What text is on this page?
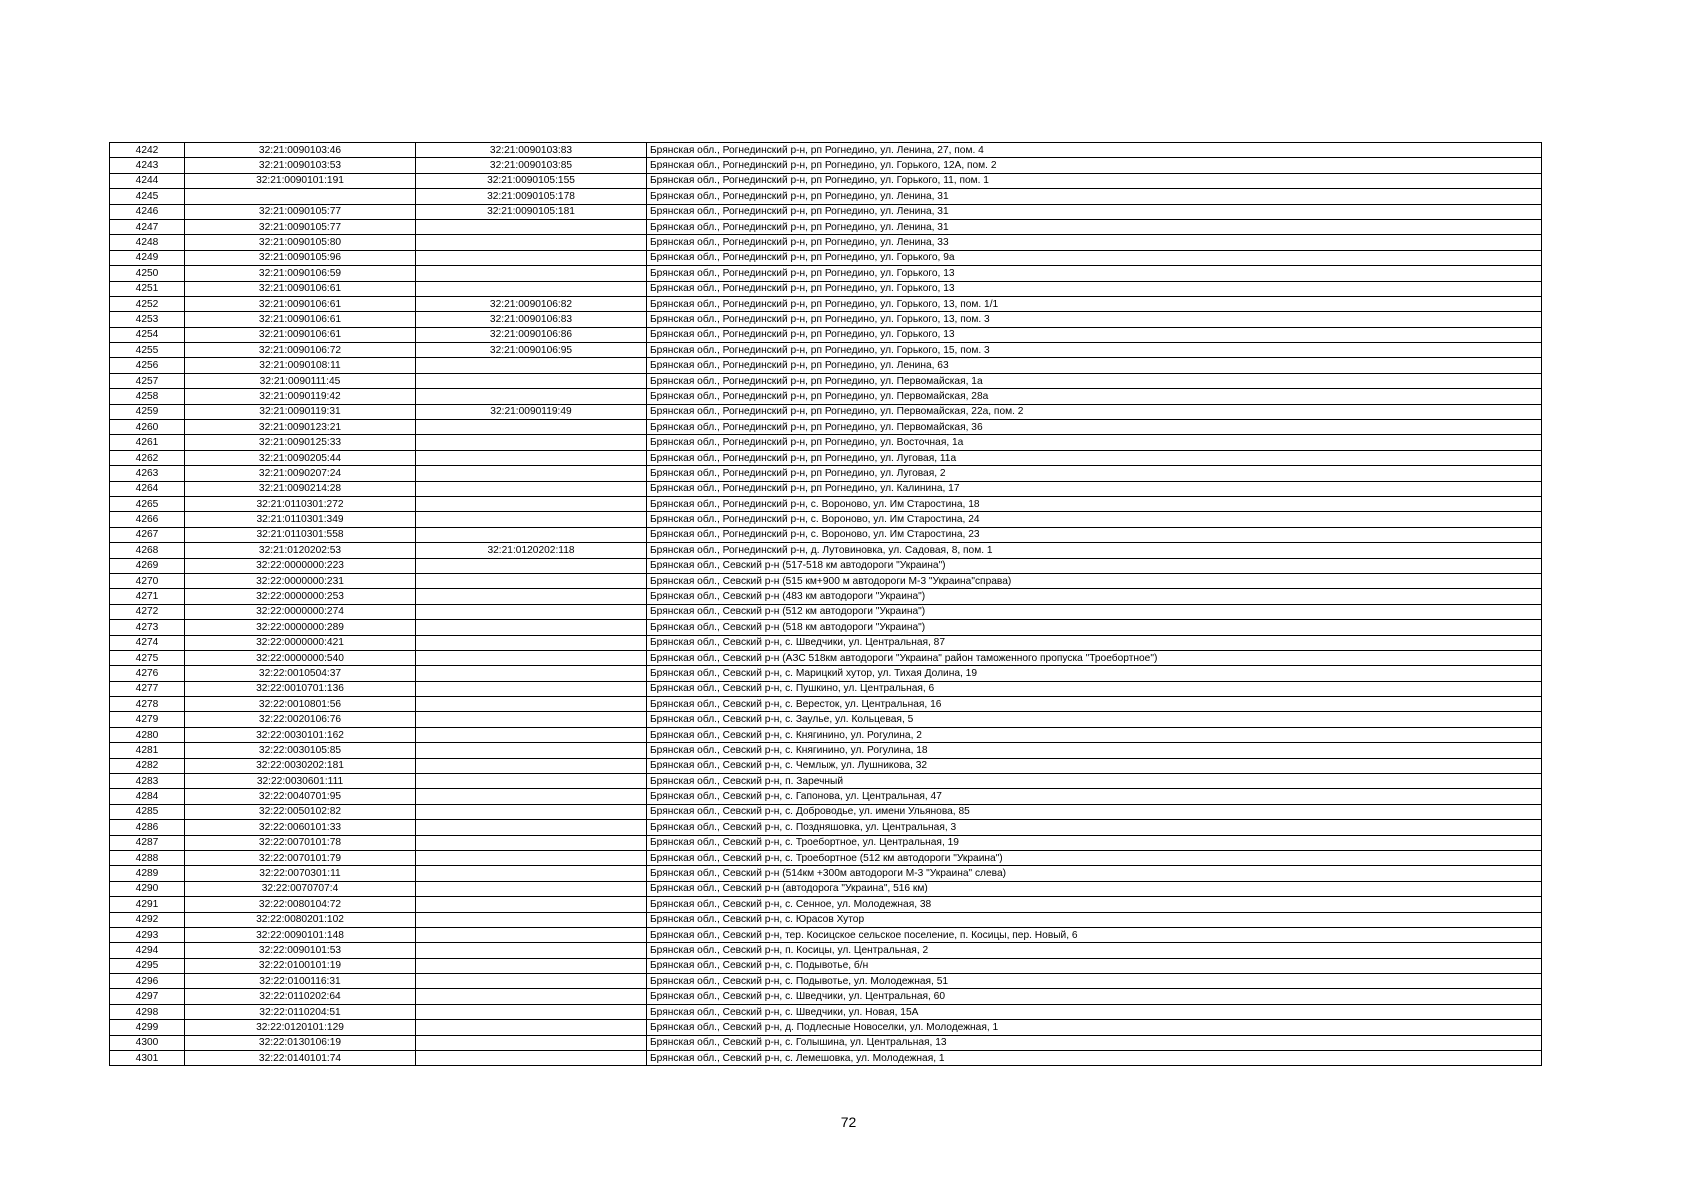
4242	32:21:0090103:46	32:21:0090103:83	Брянская обл., Рогнединский р-н, рп Рогнедино, ул. Ленина, 27, пом. 4
4243	32:21:0090103:53	32:21:0090103:85	Брянская обл., Рогнединский р-н, рп Рогнедино, ул. Горького, 12А, пом. 2
4244	32:21:0090101:191	32:21:0090105:155	Брянская обл., Рогнединский р-н, рп Рогнедино, ул. Горького, 11, пом. 1
4245		32:21:0090105:178	Брянская обл., Рогнединский р-н, рп Рогнедино, ул. Ленина, 31
4246	32:21:0090105:77	32:21:0090105:181	Брянская обл., Рогнединский р-н, рп Рогнедино, ул. Ленина, 31
4247	32:21:0090105:77		Брянская обл., Рогнединский р-н, рп Рогнедино, ул. Ленина, 31
4248	32:21:0090105:80		Брянская обл., Рогнединский р-н, рп Рогнедино, ул. Ленина, 33
4249	32:21:0090105:96		Брянская обл., Рогнединский р-н, рп Рогнедино, ул. Горького, 9а
4250	32:21:0090106:59		Брянская обл., Рогнединский р-н, рп Рогнедино, ул. Горького, 13
4251	32:21:0090106:61		Брянская обл., Рогнединский р-н, рп Рогнедино, ул. Горького, 13
4252	32:21:0090106:61	32:21:0090106:82	Брянская обл., Рогнединский р-н, рп Рогнедино, ул. Горького, 13, пом. 1/1
4253	32:21:0090106:61	32:21:0090106:83	Брянская обл., Рогнединский р-н, рп Рогнедино, ул. Горького, 13, пом. 3
4254	32:21:0090106:61	32:21:0090106:86	Брянская обл., Рогнединский р-н, рп Рогнедино, ул. Горького, 13
4255	32:21:0090106:72	32:21:0090106:95	Брянская обл., Рогнединский р-н, рп Рогнедино, ул. Горького, 15, пом. 3
4256	32:21:0090108:11		Брянская обл., Рогнединский р-н, рп Рогнедино, ул. Ленина, 63
4257	32:21:0090111:45		Брянская обл., Рогнединский р-н, рп Рогнедино, ул. Первомайская, 1а
4258	32:21:0090119:42		Брянская обл., Рогнединский р-н, рп Рогнедино, ул. Первомайская, 28а
4259	32:21:0090119:31	32:21:0090119:49	Брянская обл., Рогнединский р-н, рп Рогнедино, ул. Первомайская, 22а, пом. 2
4260	32:21:0090123:21		Брянская обл., Рогнединский р-н, рп Рогнедино, ул. Первомайская, 36
4261	32:21:0090125:33		Брянская обл., Рогнединский р-н, рп Рогнедино, ул. Восточная, 1а
4262	32:21:0090205:44		Брянская обл., Рогнединский р-н, рп Рогнедино, ул. Луговая, 11а
4263	32:21:0090207:24		Брянская обл., Рогнединский р-н, рп Рогнедино, ул. Луговая, 2
4264	32:21:0090214:28		Брянская обл., Рогнединский р-н, рп Рогнедино, ул. Калинина, 17
4265	32:21:0110301:272		Брянская обл., Рогнединский р-н, с. Вороново, ул. Им Старостина, 18
4266	32:21:0110301:349		Брянская обл., Рогнединский р-н, с. Вороново, ул. Им Старостина, 24
4267	32:21:0110301:558		Брянская обл., Рогнединский р-н, с. Вороново, ул. Им Старостина, 23
4268	32:21:0120202:53	32:21:0120202:118	Брянская обл., Рогнединский р-н, д. Лутовиновка, ул. Садовая, 8, пом. 1
4269	32:22:0000000:223		Брянская обл., Севский р-н (517-518 км автодороги "Украина")
4270	32:22:0000000:231		Брянская обл., Севский р-н (515 км+900 м автодороги М-3 "Украина"справа)
4271	32:22:0000000:253		Брянская обл., Севский р-н (483 км автодороги "Украина")
4272	32:22:0000000:274		Брянская обл., Севский р-н (512 км автодороги "Украина")
4273	32:22:0000000:289		Брянская обл., Севский р-н (518 км автодороги "Украина")
4274	32:22:0000000:421		Брянская обл., Севский р-н, с. Шведчики, ул. Центральная, 87
4275	32:22:0000000:540		Брянская обл., Севский р-н (АЗС 518км автодороги "Украина" район таможенного пропуска "Троебортное")
4276	32:22:0010504:37		Брянская обл., Севский р-н, с. Марицкий хутор, ул. Тихая Долина, 19
4277	32:22:0010701:136		Брянская обл., Севский р-н, с. Пушкино, ул. Центральная, 6
4278	32:22:0010801:56		Брянская обл., Севский р-н, с. Beресток, ул. Центральная, 16
4279	32:22:0020106:76		Брянская обл., Севский р-н, с. Заулье, ул. Кольцевая, 5
4280	32:22:0030101:162		Брянская обл., Севский р-н, с. Княгинино, ул. Рогулина, 2
4281	32:22:0030105:85		Брянская обл., Севский р-н, с. Княгинино, ул. Рогулина, 18
4282	32:22:0030202:181		Брянская обл., Севский р-н, с. Чемлыж, ул. Лушникова, 32
4283	32:22:0030601:111		Брянская обл., Севский р-н, п. Заречный
4284	32:22:0040701:95		Брянская обл., Севский р-н, с. Гапонова, ул. Центральная, 47
4285	32:22:0050102:82		Брянская обл., Севский р-н, с. Доброводье, ул. имени Ульянова, 85
4286	32:22:0060101:33		Брянская обл., Севский р-н, с. Поздняшовка, ул. Центральная, 3
4287	32:22:0070101:78		Брянская обл., Севский р-н, с. Троебортное, ул. Центральная, 19
4288	32:22:0070101:79		Брянская обл., Севский р-н, с. Троебортное (512 км автодороги "Украина")
4289	32:22:0070301:11		Брянская обл., Севский р-н (514км +300м автодороги М-3 "Украина" слева)
4290	32:22:0070707:4		Брянская обл., Севский р-н (автодорога "Украина", 516 км)
4291	32:22:0080104:72		Брянская обл., Севский р-н, с. Сенное, ул. Молодежная, 38
4292	32:22:0080201:102		Брянская обл., Севский р-н, с. Юрасов Хутор
4293	32:22:0090101:148		Брянская обл., Севский р-н, тер. Косицское сельское поселение, п. Косицы, пер. Новый, 6
4294	32:22:0090101:53		Брянская обл., Севский р-н, п. Косицы, ул. Центральная, 2
4295	32:22:0100101:19		Брянская обл., Севский р-н, с. Подывотье, б/н
4296	32:22:0100116:31		Брянская обл., Севский р-н, с. Подывотье, ул. Молодежная, 51
4297	32:22:0110202:64		Брянская обл., Севский р-н, с. Шведчики, ул. Центральная, 60
4298	32:22:0110204:51		Брянская обл., Севский р-н, с. Шведчики, ул. Новая, 15А
4299	32:22:0120101:129		Брянская обл., Севский р-н, д. Подлесные Новоселки, ул. Молодежная, 1
4300	32:22:0130106:19		Брянская обл., Севский р-н, с. Голышина, ул. Центральная, 13
4301	32:22:0140101:74		Брянская обл., Севский р-н, с. Лемешовка, ул. Молодежная, 1
72
